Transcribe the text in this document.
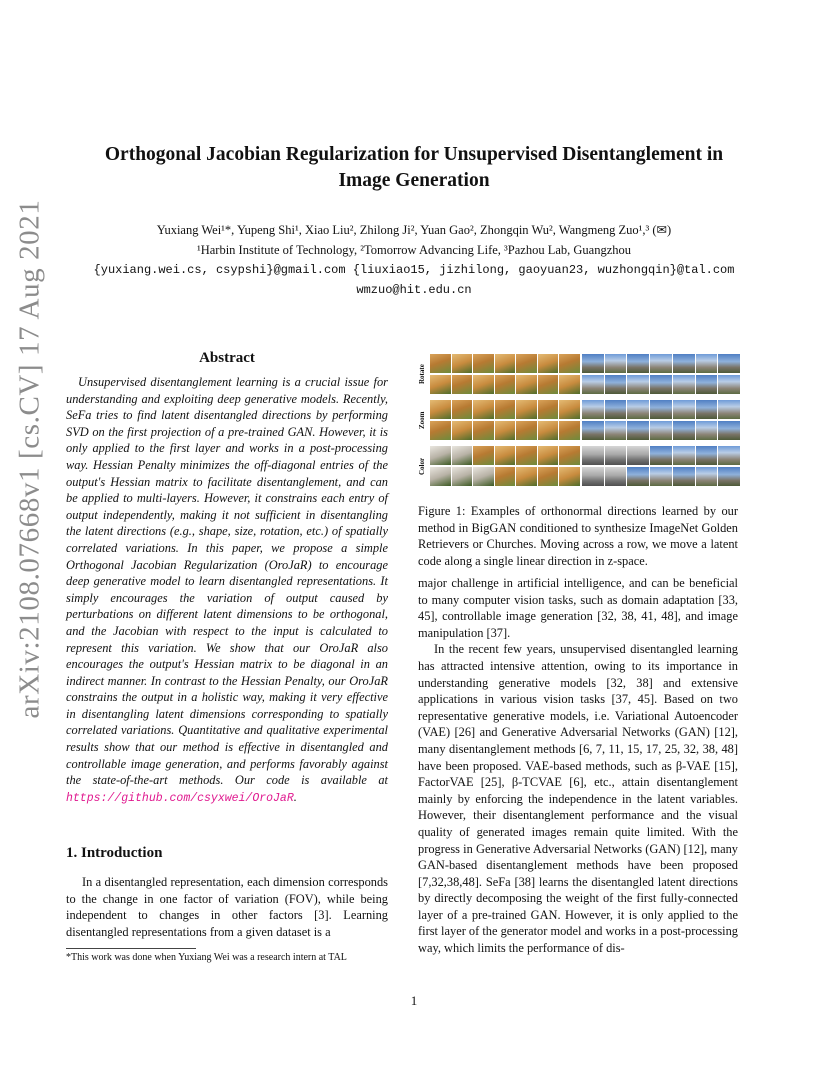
arXiv:2108.07668v1 [cs.CV] 17 Aug 2021
Orthogonal Jacobian Regularization for Unsupervised Disentanglement in
Image Generation
Yuxiang Wei¹*, Yupeng Shi¹, Xiao Liu², Zhilong Ji², Yuan Gao², Zhongqin Wu², Wangmeng Zuo¹,³ (✉)
¹Harbin Institute of Technology, ²Tomorrow Advancing Life, ³Pazhou Lab, Guangzhou
{yuxiang.wei.cs, csypshi}@gmail.com {liuxiao15, jizhilong, gaoyuan23, wuzhongqin}@tal.com
wmzuo@hit.edu.cn
Abstract

Unsupervised disentanglement learning is a crucial issue for understanding and exploiting deep generative models. Recently, SeFa tries to find latent disentangled directions by performing SVD on the first projection of a pre-trained GAN. However, it is only applied to the first layer and works in a post-processing way. Hessian Penalty minimizes the off-diagonal entries of the output's Hessian matrix to facilitate disentanglement, and can be applied to multi-layers. However, it constrains each entry of output independently, making it not sufficient in disentangling the latent directions (e.g., shape, size, rotation, etc.) of spatially correlated variations. In this paper, we propose a simple Orthogonal Jacobian Regularization (OroJaR) to encourage deep generative model to learn disentangled representations. It simply encourages the variation of output caused by perturbations on different latent dimensions to be orthogonal, and the Jacobian with respect to the input is calculated to represent this variation. We show that our OroJaR also encourages the output's Hessian matrix to be diagonal in an indirect manner. In contrast to the Hessian Penalty, our OroJaR constrains the output in a holistic way, making it very effective in disentangling latent dimensions corresponding to spatially correlated variations. Quantitative and qualitative experimental results show that our method is effective in disentangled and controllable image generation, and performs favorably against the state-of-the-art methods. Our code is available at https://github.com/csyxwei/OroJaR.

1. Introduction

In a disentangled representation, each dimension corresponds to the change in one factor of variation (FOV), while being independent to changes in other factors [3]. Learning disentangled representations from a given dataset is a

*This work was done when Yuxiang Wei was a research intern at TAL
Rotate
Zoom
Color
Figure 1: Examples of orthonormal directions learned by our method in BigGAN conditioned to synthesize ImageNet Golden Retrievers or Churches. Moving across a row, we move a latent code along a single linear direction in z-space.

major challenge in artificial intelligence, and can be beneficial to many computer vision tasks, such as domain adaptation [33, 45], controllable image generation [32, 38, 41, 48], and image manipulation [37].

In the recent few years, unsupervised disentangled learning has attracted intensive attention, owing to its importance in understanding generative models [32, 38] and extensive applications in various vision tasks [37, 45]. Based on two representative generative models, i.e. Variational Autoencoder (VAE) [26] and Generative Adversarial Networks (GAN) [12], many disentanglement methods [6, 7, 11, 15, 17, 25, 32, 38, 48] have been proposed. VAE-based methods, such as β-VAE [15], FactorVAE [25], β-TCVAE [6], etc., attain disentanglement mainly by enforcing the independence in the latent variables. However, their disentanglement performance and the visual quality of generated images remain quite limited. With the progress in Generative Adversarial Networks (GAN) [12], many GAN-based disentanglement methods have been proposed [7,32,38,48]. SeFa [38] learns the disentangled latent directions by directly decomposing the weight of the first fully-connected layer of a pre-trained GAN. However, it is only applied to the first layer of the generator model and works in a post-processing way, which limits the performance of dis-

1
